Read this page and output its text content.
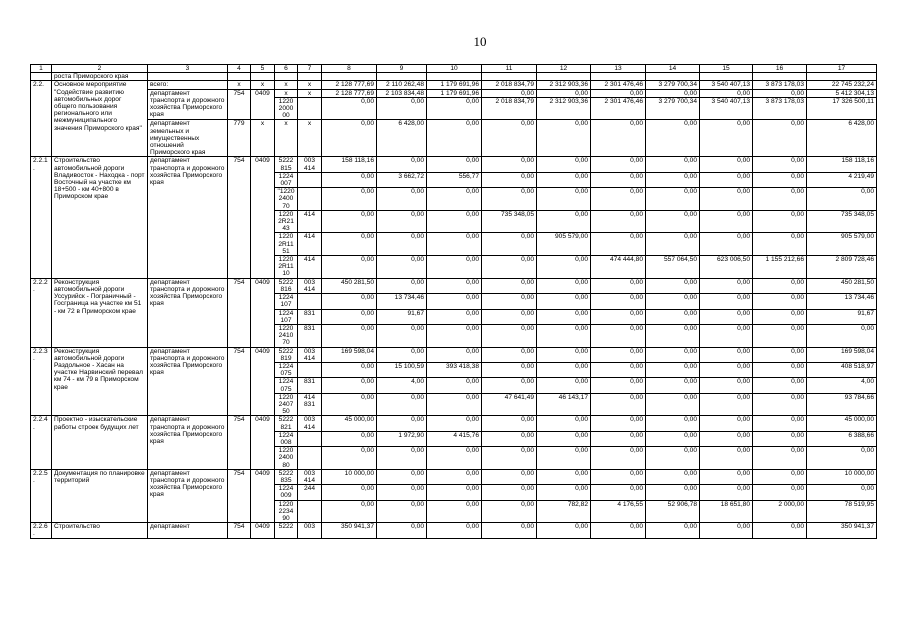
10
1	2	3	4	5	6	7	8	9	10	11	12	13	14	15	16	17
	роста Приморского края															
2.2.	Основное мероприятие "Содействие развитию автомобильных дорог общего пользования регионального или межмуниципального значения Приморского края"	всего:	x	x	x	x	2 128 777,69	2 110 262,48	1 179 691,96	2 018 834,79	2 312 903,36	2 301 476,46	3 279 700,34	3 540 407,13	3 873 178,03	22 745 232,24
		департамент транспорта и дорожного хозяйства Приморского края	754	0409	x	x	2 128 777,69	2 103 834,48	1 179 691,96	0,00	0,00	0,00	0,00	0,00	0,00	5 412 304,13
					1220 2000 00		0,00	0,00	0,00	2 018 834,79	2 312 903,36	2 301 476,46	3 279 700,34	3 540 407,13	3 873 178,03	17 326 500,11
		департамент земельных и имущественных отношений Приморского края	779	x	x	x	0,00	6 428,00	0,00	0,00	0,00	0,00	0,00	0,00	0,00	6 428,00
2.2.1.	Строительство автомобильной дороги Владивосток - Находка - порт Восточный на участке км 18+500 - км 40+800 в Приморском крае	департамент транспорта и дорожного хозяйства Приморского края	754	0409	5222 815	003 414	158 118,16	0,00	0,00	0,00	0,00	0,00	0,00	0,00	0,00	158 118,16
					1224 007		0,00	3 662,72	556,77	0,00	0,00	0,00	0,00	0,00	0,00	4 219,49
					"1220 2400 70		0,00	0,00	0,00	0,00	0,00	0,00	0,00	0,00	0,00	0,00
					1220 2R21 43	414	0,00	0,00	0,00	735 348,05	0,00	0,00	0,00	0,00	0,00	735 348,05
					1220 2R11 51	414	0,00	0,00	0,00	0,00	905 579,00	0,00	0,00	0,00	0,00	905 579,00
					1220 2R11 10	414	0,00	0,00	0,00	0,00	0,00	474 444,80	557 064,50	623 006,50	1 155 212,66	2 809 728,46
2.2.2.	Реконструкция автомобильной дороги Уссурийск - Пограничный - Госграница на участке км 51 - км 72 в Приморском крае	департамент транспорта и дорожного хозяйства Приморского края	754	0409	5222 816	003 414	450 281,50	0,00	0,00	0,00	0,00	0,00	0,00	0,00	0,00	450 281,50
					1224 107		0,00	13 734,46	0,00	0,00	0,00	0,00	0,00	0,00	0,00	13 734,46
					1224 107	831	0,00	91,67	0,00	0,00	0,00	0,00	0,00	0,00	0,00	91,67
					1220 2410 70	831	0,00	0,00	0,00	0,00	0,00	0,00	0,00	0,00	0,00	0,00
2.2.3.	Реконструкция автомобильной дороги Раздольное - Хасан на участке Нарвинский перевал км 74 - км 79 в Приморском крае	департамент транспорта и дорожного хозяйства Приморского края	754	0409	5222 819	003 414	169 598,04	0,00	0,00	0,00	0,00	0,00	0,00	0,00	0,00	169 598,04
					1224 075		0,00	15 100,59	393 418,38	0,00	0,00	0,00	0,00	0,00	0,00	408 518,97
					1224 075	831	0,00	4,00	0,00	0,00	0,00	0,00	0,00	0,00	0,00	4,00
					1220 2407 50	414 831	0,00	0,00	0,00	47 641,49	46 143,17	0,00	0,00	0,00	0,00	93 784,66
2.2.4.	Проектно - изыскательские работы строек будущих лет	департамент транспорта и дорожного хозяйства Приморского края	754	0409	5222 821	003 414	45 000,00	0,00	0,00	0,00	0,00	0,00	0,00	0,00	0,00	45 000,00
					1224 008		0,00	1 972,90	4 415,76	0,00	0,00	0,00	0,00	0,00	0,00	6 388,66
					1220 2400 80		0,00	0,00	0,00	0,00	0,00	0,00	0,00	0,00	0,00	0,00
2.2.5.	Документация по планировке территорий	департамент транспорта и дорожного хозяйства Приморского края	754	0409	5222 835	003 414	10 000,00	0,00	0,00	0,00	0,00	0,00	0,00	0,00	0,00	10 000,00
					1224 009	244	0,00	0,00	0,00	0,00	0,00	0,00	0,00	0,00	0,00	0,00
					1220 2234 90		0,00	0,00	0,00	0,00	782,82	4 176,55	52 906,78	18 651,80	2 000,00	78 519,95
2.2.6.	Строительство	департамент	754	0409	5222	003	350 941,37	0,00	0,00	0,00	0,00	0,00	0,00	0,00	0,00	350 941,37
